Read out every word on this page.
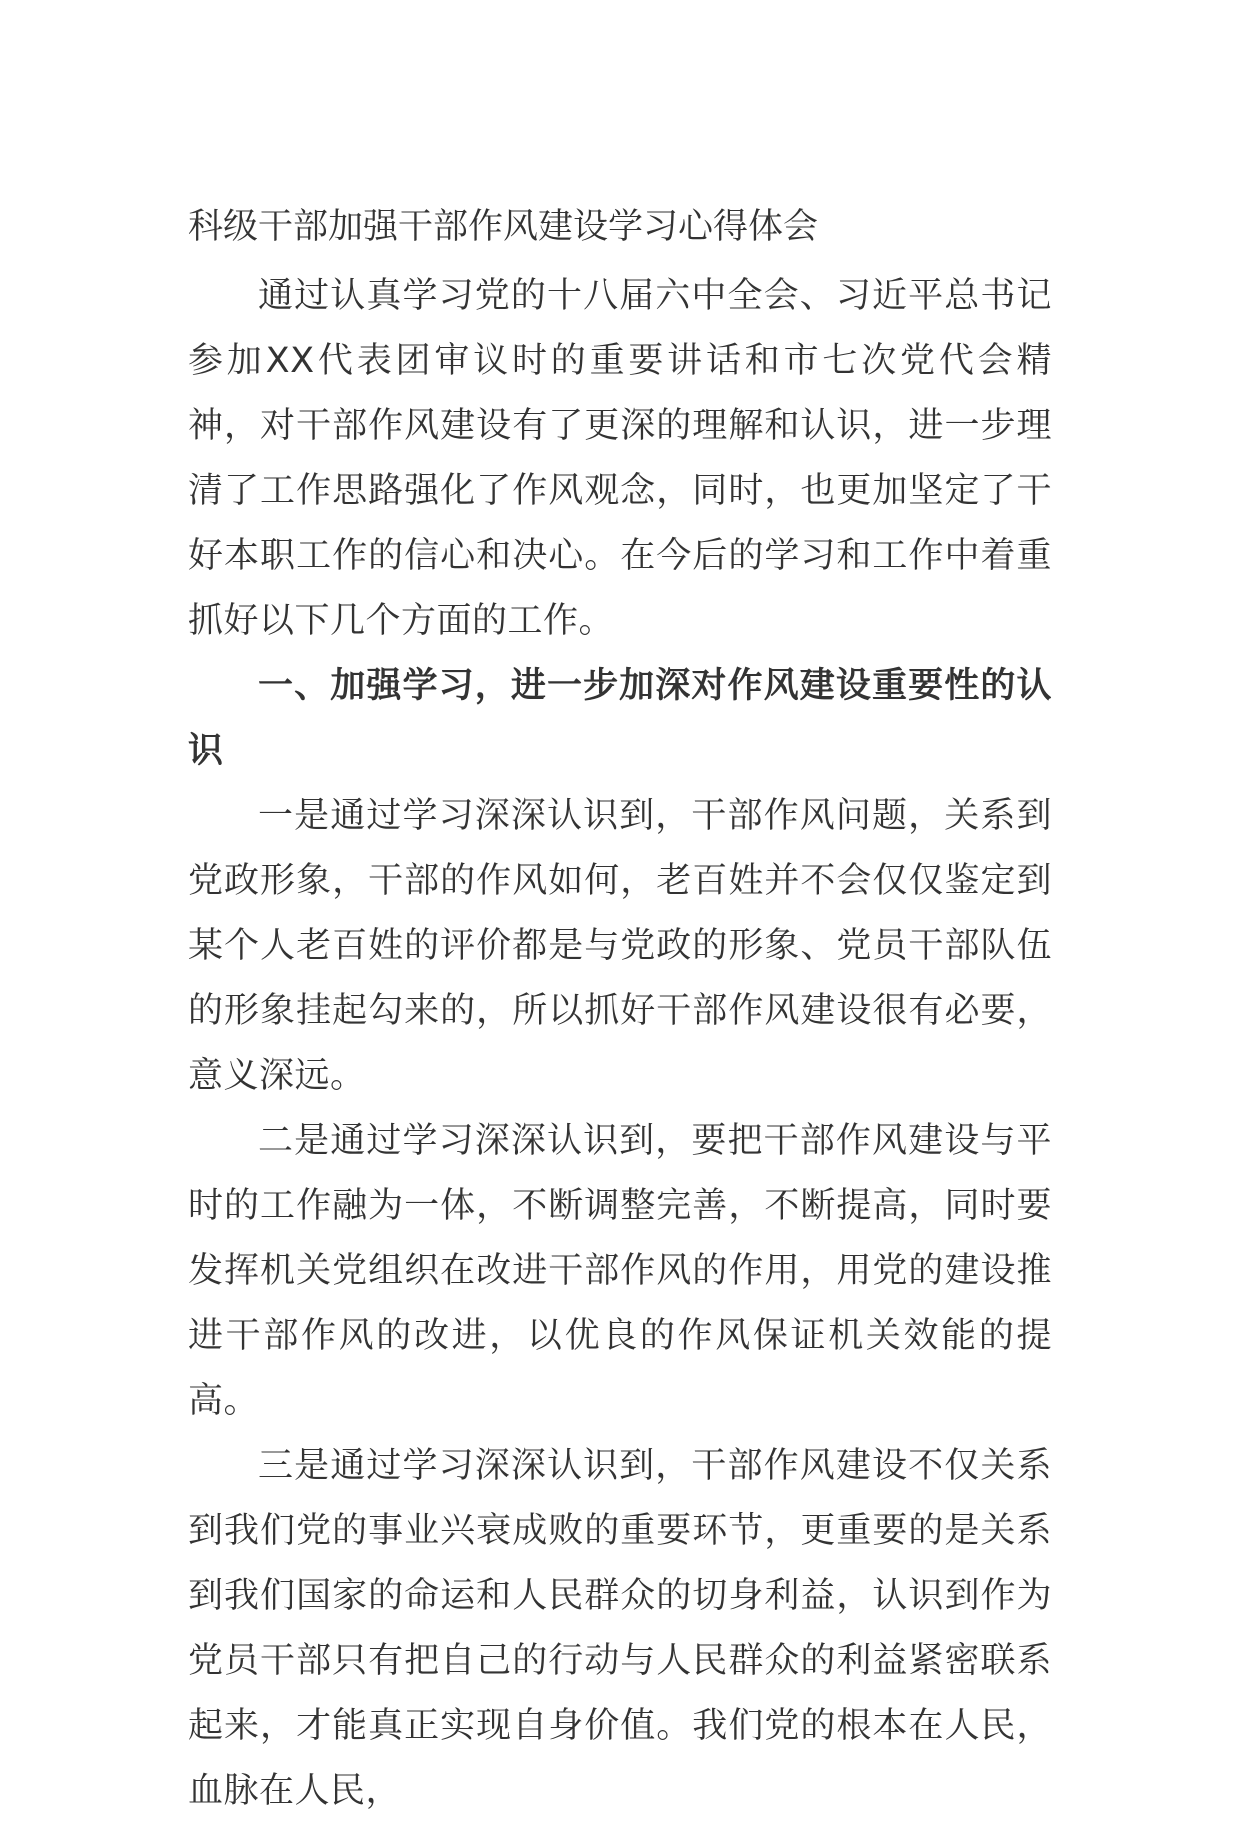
科级干部加强干部作风建设学习心得体会

通过认真学习党的十八届六中全会、习近平总书记参加XX代表团审议时的重要讲话和市七次党代会精神，对干部作风建设有了更深的理解和认识，进一步理清了工作思路强化了作风观念，同时，也更加坚定了干好本职工作的信心和决心。在今后的学习和工作中着重抓好以下几个方面的工作。

一、加强学习，进一步加深对作风建设重要性的认识

一是通过学习深深认识到，干部作风问题，关系到党政形象，干部的作风如何，老百姓并不会仅仅鉴定到某个人老百姓的评价都是与党政的形象、党员干部队伍的形象挂起勾来的，所以抓好干部作风建设很有必要，意义深远。

二是通过学习深深认识到，要把干部作风建设与平时的工作融为一体，不断调整完善，不断提高，同时要发挥机关党组织在改进干部作风的作用，用党的建设推进干部作风的改进，以优良的作风保证机关效能的提高。

三是通过学习深深认识到，干部作风建设不仅关系到我们党的事业兴衰成败的重要环节，更重要的是关系到我们国家的命运和人民群众的切身利益，认识到作为党员干部只有把自己的行动与人民群众的利益紧密联系起来，才能真正实现自身价值。我们党的根本在人民，血脉在人民，
